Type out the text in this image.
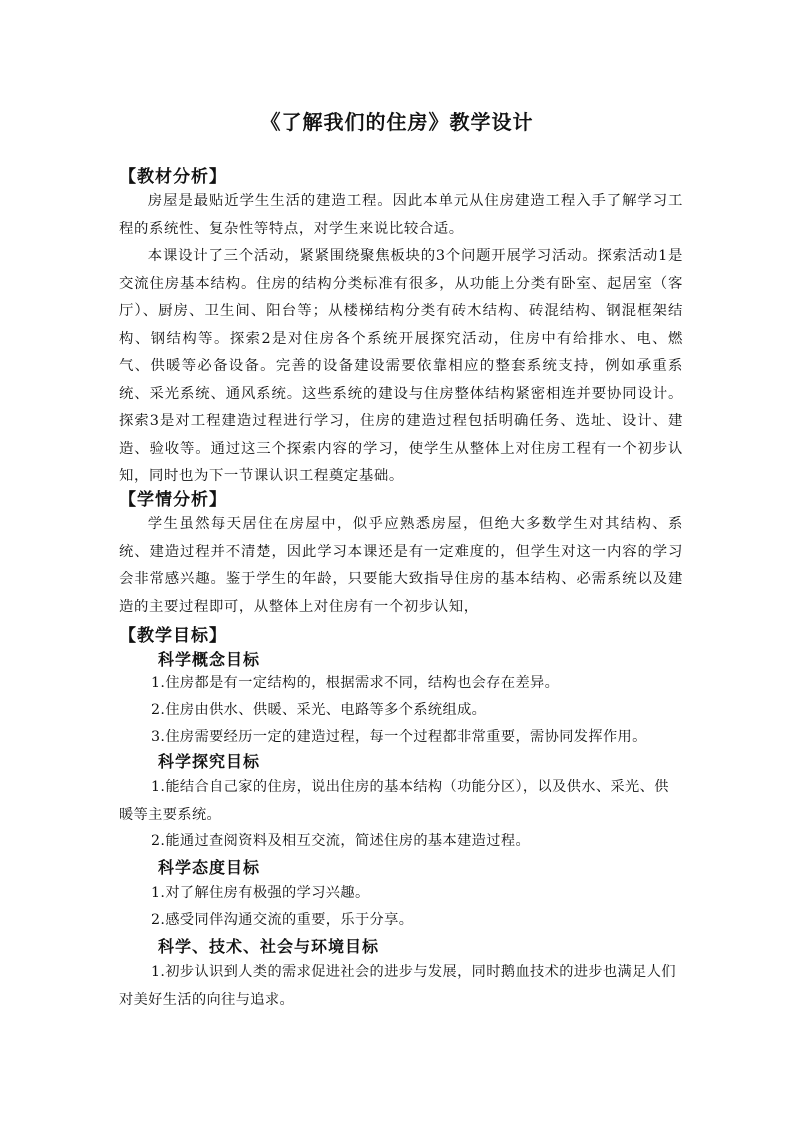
《了解我们的住房》教学设计
【教材分析】

房屋是最贴近学生生活的建造工程。因此本单元从住房建造工程入手了解学习工程的系统性、复杂性等特点，对学生来说比较合适。

本课设计了三个活动，紧紧围绕聚焦板块的3个问题开展学习活动。探索活动1是交流住房基本结构。住房的结构分类标准有很多，从功能上分类有卧室、起居室（客厅）、厨房、卫生间、阳台等；从楼梯结构分类有砖木结构、砖混结构、钢混框架结构、钢结构等。探索2是对住房各个系统开展探究活动，住房中有给排水、电、燃气、供暖等必备设备。完善的设备建设需要依靠相应的整套系统支持，例如承重系统、采光系统、通风系统。这些系统的建设与住房整体结构紧密相连并要协同设计。探索3是对工程建造过程进行学习，住房的建造过程包括明确任务、选址、设计、建造、验收等。通过这三个探索内容的学习，使学生从整体上对住房工程有一个初步认知，同时也为下一节课认识工程奠定基础。

【学情分析】

学生虽然每天居住在房屋中，似乎应熟悉房屋，但绝大多数学生对其结构、系统、建造过程并不清楚，因此学习本课还是有一定难度的，但学生对这一内容的学习会非常感兴趣。鉴于学生的年龄，只要能大致指导住房的基本结构、必需系统以及建造的主要过程即可，从整体上对住房有一个初步认知，

【教学目标】
科学概念目标

1.住房都是有一定结构的，根据需求不同，结构也会存在差异。

2.住房由供水、供暖、采光、电路等多个系统组成。

3.住房需要经历一定的建造过程，每一个过程都非常重要，需协同发挥作用。

科学探究目标

1.能结合自己家的住房，说出住房的基本结构（功能分区），以及供水、采光、供暖等主要系统。

2.能通过查阅资料及相互交流，简述住房的基本建造过程。

科学态度目标

1.对了解住房有极强的学习兴趣。

2.感受同伴沟通交流的重要，乐于分享。

科学、技术、社会与环境目标

1.初步认识到人类的需求促进社会的进步与发展，同时鹅血技术的进步也满足人们对美好生活的向往与追求。
